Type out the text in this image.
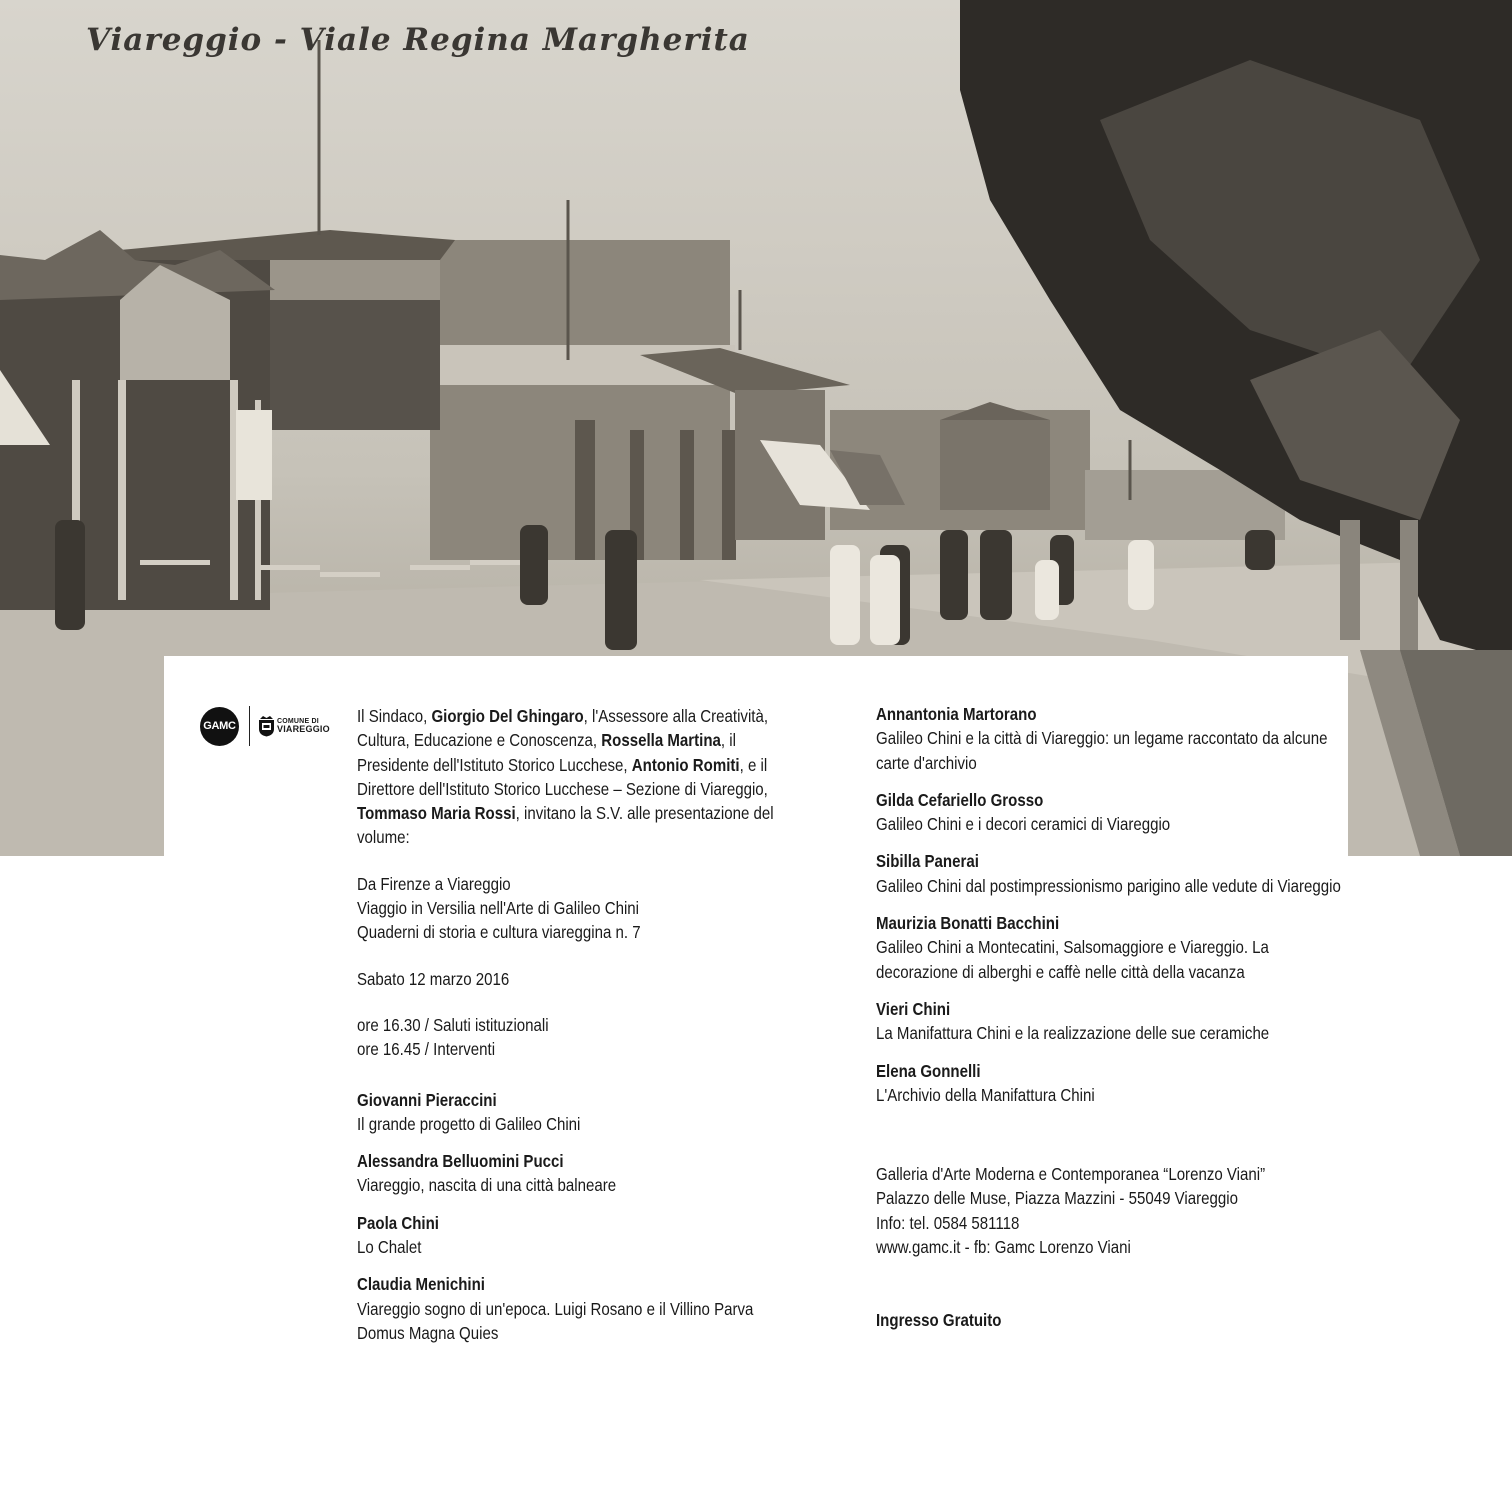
Viareggio - Viale Regina Margherita
GAMC	COMUNE DI
VIAREGGIO

Il Sindaco, Giorgio Del Ghingaro, l'Assessore alla Creatività, Cultura, Educazione e Conoscenza, Rossella Martina, il Presidente dell'Istituto Storico Lucchese, Antonio Romiti, e il Direttore dell'Istituto Storico Lucchese – Sezione di Viareggio, Tommaso Maria Rossi, invitano la S.V. alle presentazione del volume:

Da Firenze a Viareggio

Viaggio in Versilia nell'Arte di Galileo Chini

Quaderni di storia e cultura viareggina n. 7

Sabato 12 marzo 2016

ore 16.30 / Saluti istituzionali

ore 16.45 / Interventi

Giovanni Pieraccini

Il grande progetto di Galileo Chini

Alessandra Belluomini Pucci

Viareggio, nascita di una città balneare

Paola Chini

Lo Chalet

Claudia Menichini

Viareggio sogno di un'epoca. Luigi Rosano e il Villino Parva Domus Magna Quies

Annantonia Martorano

Galileo Chini e la città di Viareggio: un legame raccontato da alcune carte d'archivio

Gilda Cefariello Grosso

Galileo Chini e i decori ceramici di Viareggio

Sibilla Panerai

Galileo Chini dal postimpressionismo parigino alle vedute di Viareggio

Maurizia Bonatti Bacchini

Galileo Chini a Montecatini, Salsomaggiore e Viareggio. La decorazione di alberghi e caffè nelle città della vacanza

Vieri Chini

La Manifattura Chini e la realizzazione delle sue ceramiche

Elena Gonnelli

L'Archivio della Manifattura Chini

Galleria d'Arte Moderna e Contemporanea “Lorenzo Viani”

Palazzo delle Muse, Piazza Mazzini - 55049 Viareggio

Info: tel. 0584 581118

www.gamc.it - fb: Gamc Lorenzo Viani

Ingresso Gratuito
